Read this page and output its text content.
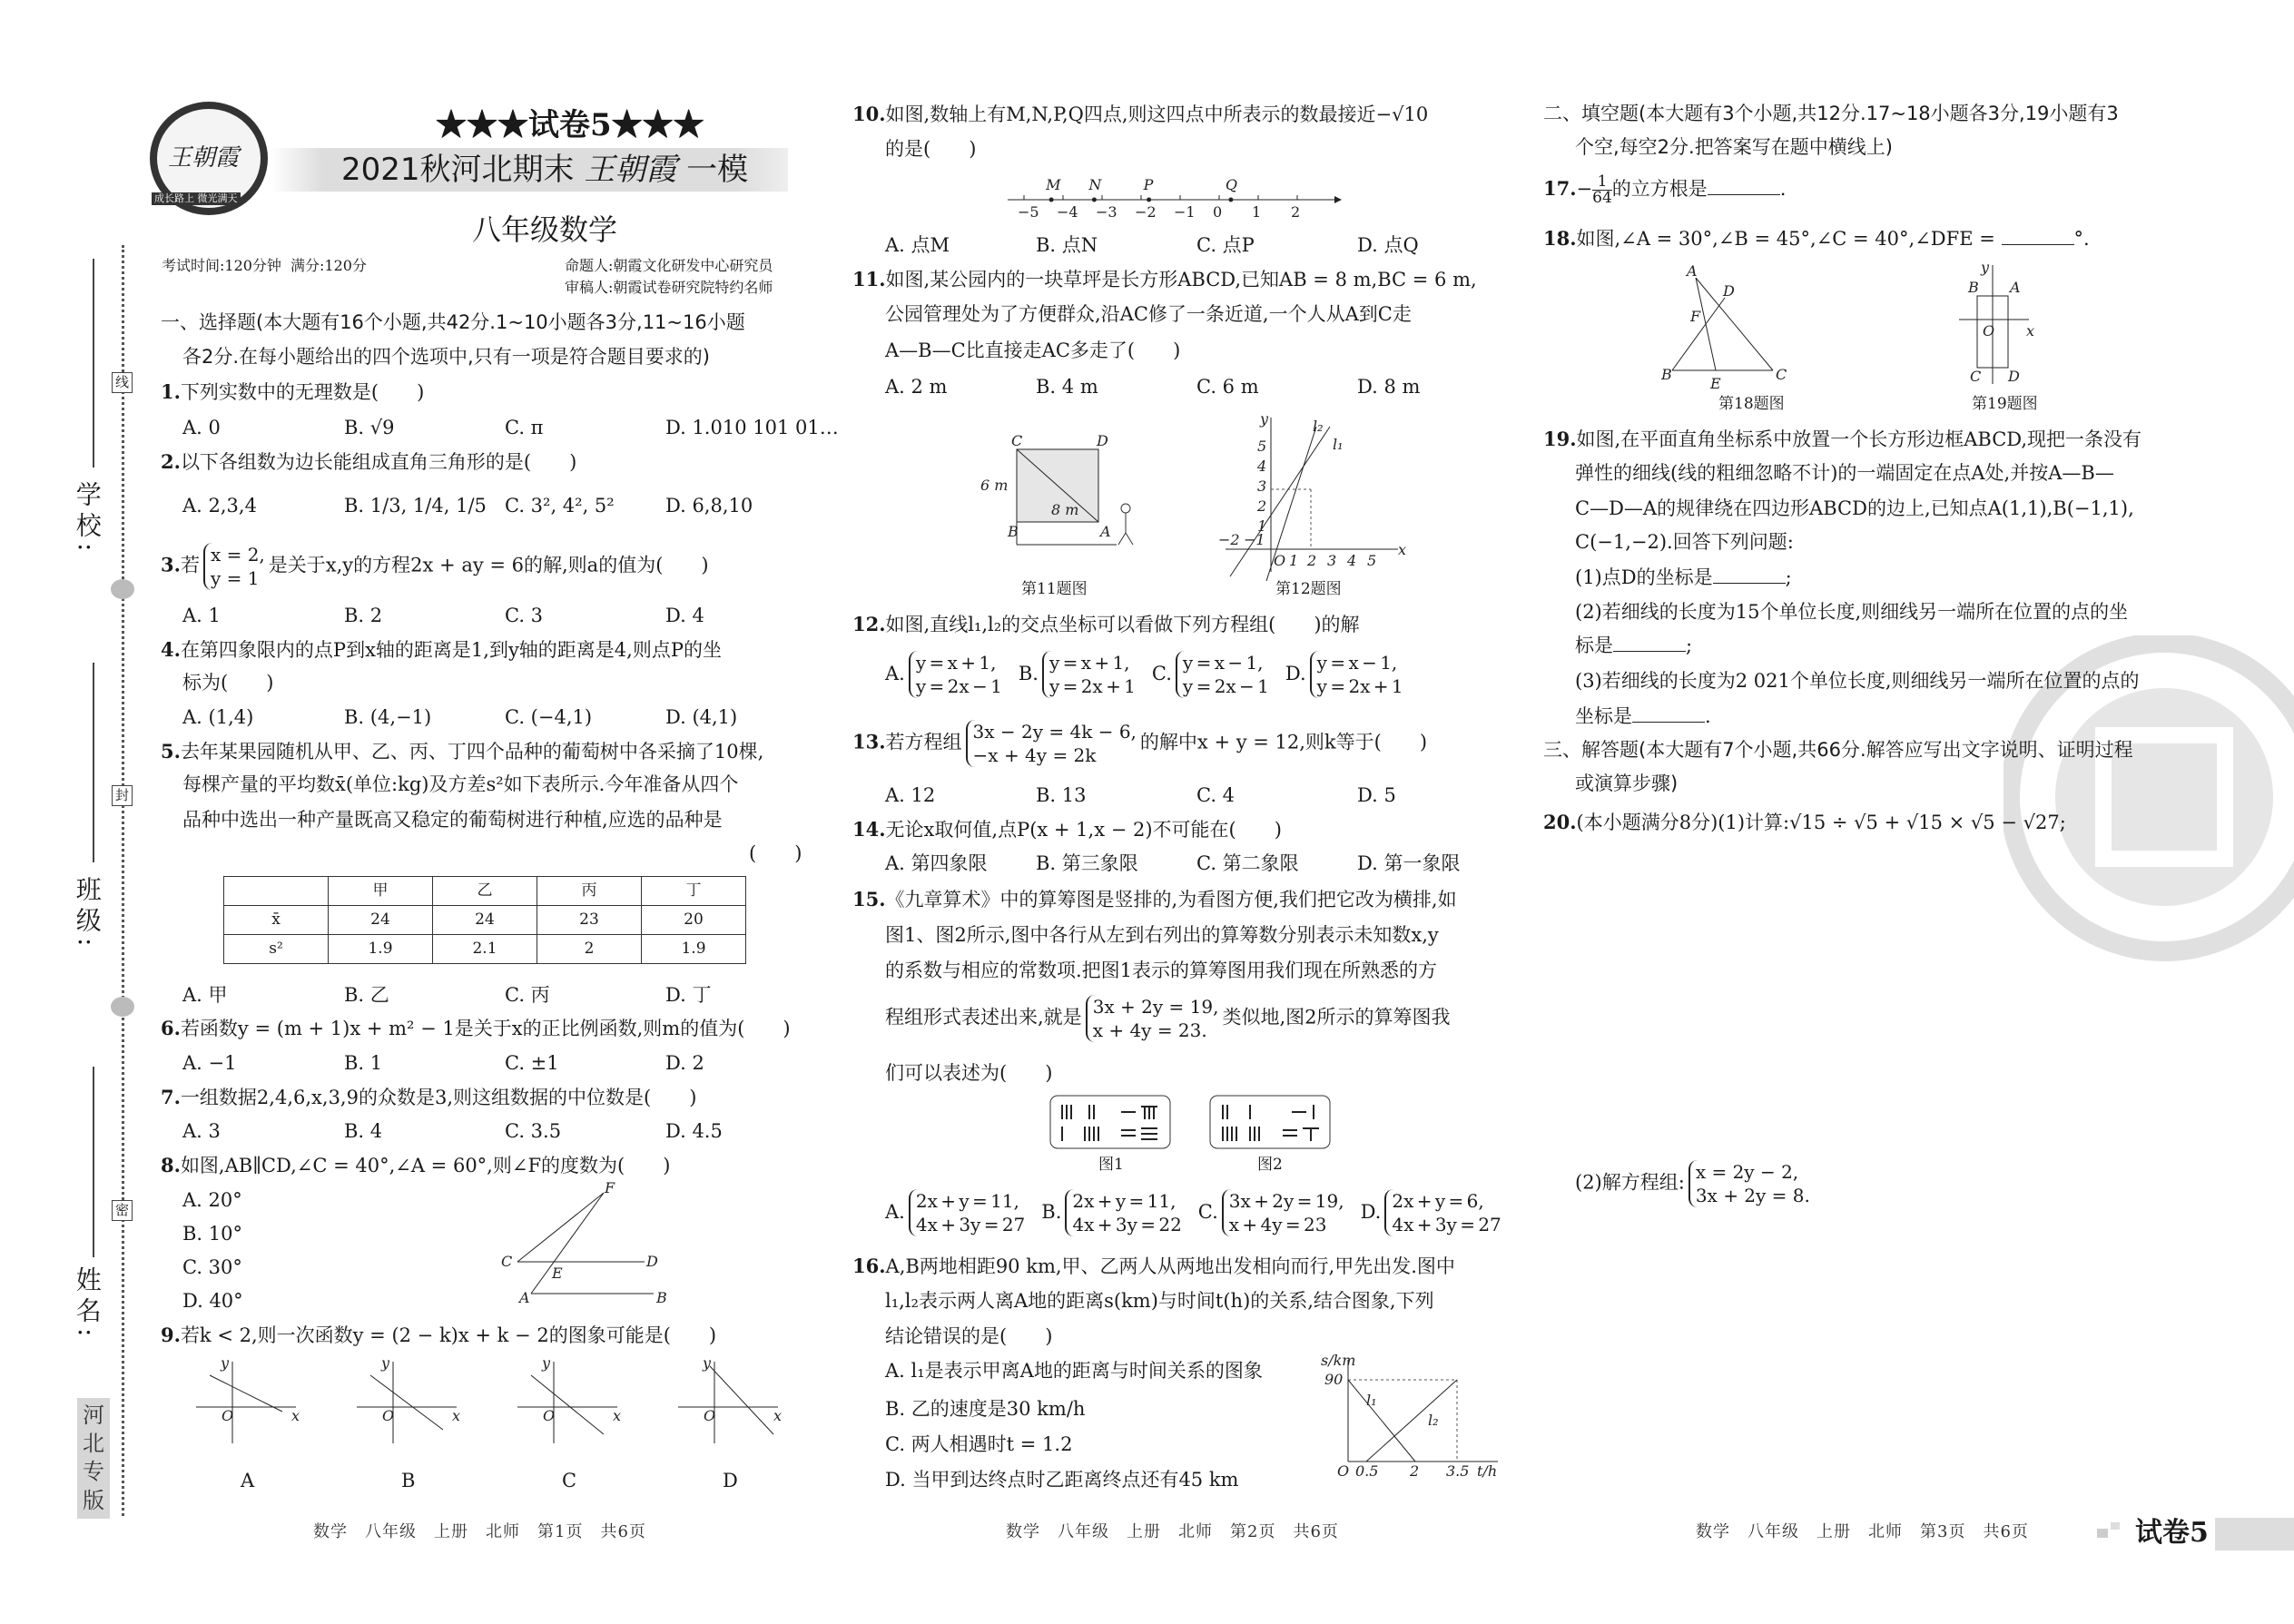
学校:
班级:
姓名:
线
封
密
河北专版
王朝霞
成长路上 微光满天
★★★试卷5★★★
2021秋河北期末 王朝霞 一模
八年级数学
考试时间:120分钟 满分:120分	命题人:朝霞文化研发中心研究员
审稿人:朝霞试卷研究院特约名师
一、选择题(本大题有16个小题,共42分.1~10小题各3分,11~16小题
各2分.在每小题给出的四个选项中,只有一项是符合题目要求的)
1.下列实数中的无理数是(　　)
A. 0	B. √9	C. π	D. 1.010 101 01…
2.以下各组数为边长能组成直角三角形的是(　　)
A. 2,3,4	B. 1/3, 1/4, 1/5 C. 3², 4², 5²	D. 6,8,10
3.若 x = 2,
y = 1
是关于x,y的方程2x + ay = 6的解,则a的值为(　　)
A. 1	B. 2	C. 3	D. 4
4.在第四象限内的点P到x轴的距离是1,到y轴的距离是4,则点P的坐
标为(　　)
A. (1,4)	B. (4,−1)	C. (−4,1)	D. (4,1)
5.去年某果园随机从甲、乙、丙、丁四个品种的葡萄树中各采摘了10棵,
每棵产量的平均数x̄(单位:kg)及方差s²如下表所示.今年准备从四个
品种中选出一种产量既高又稳定的葡萄树进行种植,应选的品种是
(　　)
	甲	乙	丙	丁
x̄	24	24	23	20
s²	1.9	2.1	2	1.9
A. 甲	B. 乙	C. 丙	D. 丁
6.若函数y = (m + 1)x + m² − 1是关于x的正比例函数,则m的值为(　　)
A. −1	B. 1	C. ±1	D. 2
7.一组数据2,4,6,x,3,9的众数是3,则这组数据的中位数是(　　)
A. 3	B. 4	C. 3.5	D. 4.5
8.如图,AB∥CD,∠C = 40°,∠A = 60°,则∠F的度数为(　　)
A. 20°
B. 10°
C. 30°
D. 40°
F
C	D
E
A	B
9.若k < 2,则一次函数y = (2 − k)x + k − 2的图象可能是(　　)
y
x
O
A
y
x
O
B
y
x
O
C
y
x
O
D
数学　八年级　上册　北师　第1页　共6页
10.如图,数轴上有M,N,P,Q四点,则这四点中所表示的数最接近−√10
的是(　　)
−5 −4 −3 −2 −1 0 1 2
M N	P	Q
A. 点M	B. 点N	C. 点P	D. 点Q
11.如图,某公园内的一块草坪是长方形ABCD,已知AB = 8 m,BC = 6 m,
公园管理处为了方便群众,沿AC修了一条近道,一个人从A到C走
A—B—C比直接走AC多走了(　　)
A. 2 m	B. 4 m	C. 6 m	D. 8 m
C	D
B	A
6 m
8 m
第11题图
l₂
l₁
x
y
O
−2 −1
1 2 3 4 5
1
2
3
4
5
第12题图
12.如图,直线l₁,l₂的交点坐标可以看做下列方程组(　　)的解
A.
y = x + 1,
y = 2x − 1
B.
y = x + 1,
y = 2x + 1
C.
y = x − 1,
y = 2x − 1
D.
y = x − 1,
y = 2x + 1
13.若方程组 3x − 2y = 4k − 6,
−x + 4y = 2k
的解中x + y = 12,则k等于(　　)
A. 12	B. 13	C. 4	D. 5
14.无论x取何值,点P(x + 1,x − 2)不可能在(　　)
A. 第四象限	B. 第三象限	C. 第二象限	D. 第一象限
15.《九章算术》中的算筹图是竖排的,为看图方便,我们把它改为横排,如
图1、图2所示,图中各行从左到右列出的算筹数分别表示未知数x,y
的系数与相应的常数项.把图1表示的算筹图用我们现在所熟悉的方
程组形式表述出来,就是 3x + 2y = 19,
x + 4y = 23.
类似地,图2所示的算筹图我
们可以表述为(　　)
图1	图2
A.
2x + y = 11,
4x + 3y = 27
B.
2x + y = 11,
4x + 3y = 22
C.
3x + 2y = 19,
x + 4y = 23
D.
2x + y = 6,
4x + 3y = 27
16.A,B两地相距90 km,甲、乙两人从两地出发相向而行,甲先出发.图中
l₁,l₂表示两人离A地的距离s(km)与时间t(h)的关系,结合图象,下列
结论错误的是(　　)
A. l₁是表示甲离A地的距离与时间关系的图象
B. 乙的速度是30 km/h
C. 两人相遇时t = 1.2
D. 当甲到达终点时乙距离终点还有45 km
s/km
90
O 0.5 2 3.5 t/h
l₁
l₂
数学　八年级　上册　北师　第2页　共6页
二、填空题(本大题有3个小题,共12分.17~18小题各3分,19小题有3
个空,每空2分.把答案写在题中横线上)
$17.- \frac{1}{64}$的立方根是	.
18.如图,∠A = 30°,∠B = 45°,∠C = 40°,∠DFE =	°.
A
D
F
B
E
C
第18题图
y
B A
O x
C D
第19题图
19.如图,在平面直角坐标系中放置一个长方形边框ABCD,现把一条没有
弹性的细线(线的粗细忽略不计)的一端固定在点A处,并按A—B—
C—D—A的规律绕在四边形ABCD的边上,已知点A(1,1),B(−1,1),
C(−1,−2).回答下列问题:
(1)点D的坐标是	;
(2)若细线的长度为15个单位长度,则细线另一端所在位置的点的坐
标是	;
(3)若细线的长度为2 021个单位长度,则细线另一端所在位置的点的
坐标是	.
三、解答题(本大题有7个小题,共66分.解答应写出文字说明、证明过程
或演算步骤)
20.(本小题满分8分)(1)计算:√15 ÷ √5 + √15 × √5 − √27;
(2)解方程组: x = 2y − 2,
3x + 2y = 8.
数学　八年级　上册　北师　第3页　共6页	试卷5
